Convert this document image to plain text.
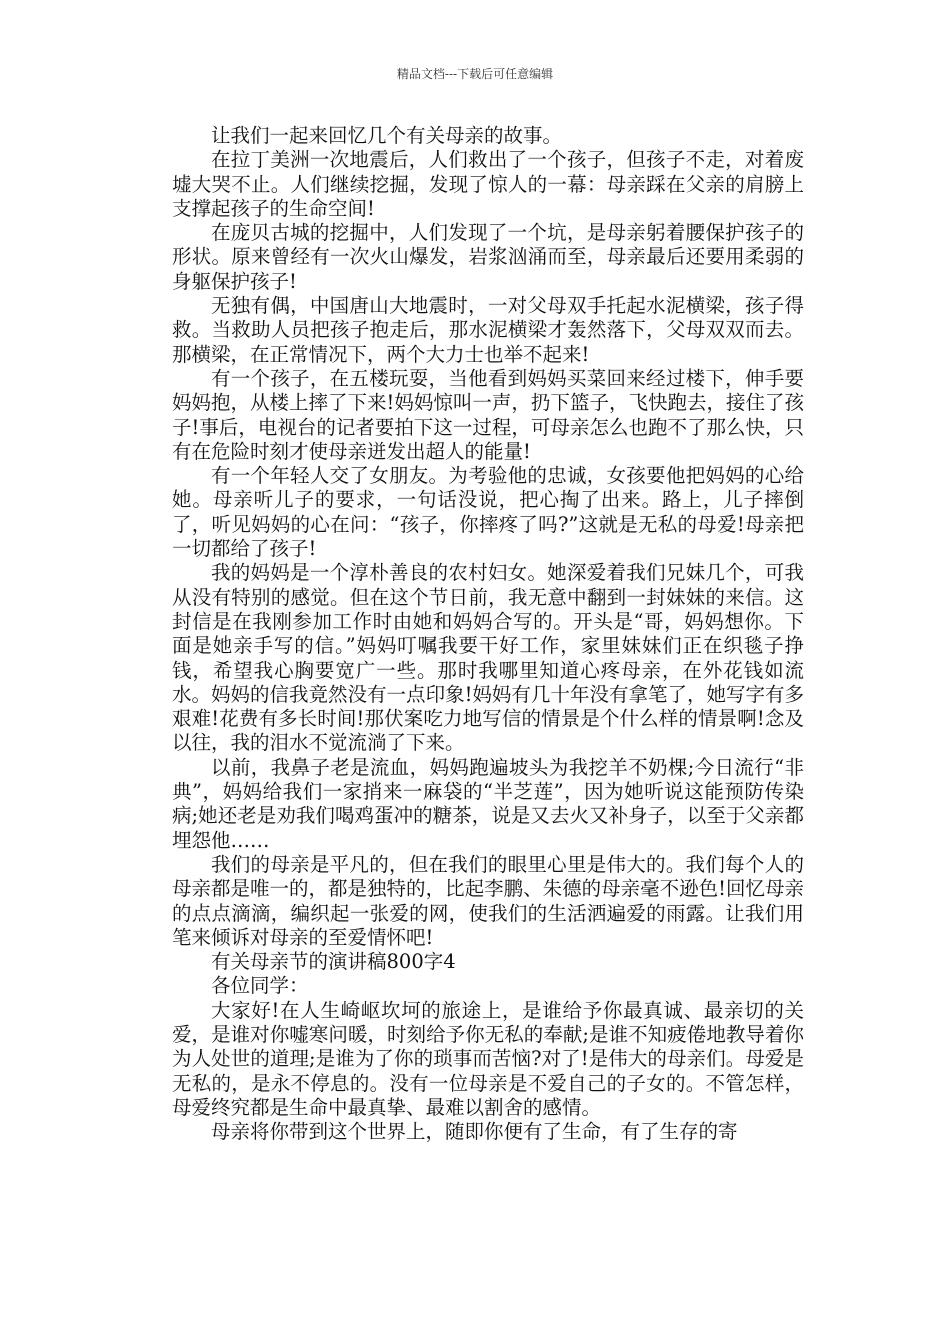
精品文档---下载后可任意编辑

让我们一起来回忆几个有关母亲的故事。

在拉丁美洲一次地震后，人们救出了一个孩子，但孩子不走，对着废墟大哭不止。人们继续挖掘，发现了惊人的一幕：母亲踩在父亲的肩膀上支撑起孩子的生命空间!

在庞贝古城的挖掘中，人们发现了一个坑，是母亲躬着腰保护孩子的形状。原来曾经有一次火山爆发，岩浆汹涌而至，母亲最后还要用柔弱的身躯保护孩子!

无独有偶，中国唐山大地震时，一对父母双手托起水泥横梁，孩子得救。当救助人员把孩子抱走后，那水泥横梁才轰然落下，父母双双而去。那横梁，在正常情况下，两个大力士也举不起来!

有一个孩子，在五楼玩耍，当他看到妈妈买菜回来经过楼下，伸手要妈妈抱，从楼上摔了下来!妈妈惊叫一声，扔下篮子，飞快跑去，接住了孩子!事后，电视台的记者要拍下这一过程，可母亲怎么也跑不了那么快，只有在危险时刻才使母亲迸发出超人的能量!

有一个年轻人交了女朋友。为考验他的忠诚，女孩要他把妈妈的心给她。母亲听儿子的要求，一句话没说，把心掏了出来。路上，儿子摔倒了，听见妈妈的心在问：“孩子，你摔疼了吗?”这就是无私的母爱!母亲把一切都给了孩子!

我的妈妈是一个淳朴善良的农村妇女。她深爱着我们兄妹几个，可我从没有特别的感觉。但在这个节日前，我无意中翻到一封妹妹的来信。这封信是在我刚参加工作时由她和妈妈合写的。开头是“哥，妈妈想你。下面是她亲手写的信。”妈妈叮嘱我要干好工作，家里妹妹们正在织毯子挣钱，希望我心胸要宽广一些。那时我哪里知道心疼母亲，在外花钱如流水。妈妈的信我竟然没有一点印象!妈妈有几十年没有拿笔了，她写字有多艰难!花费有多长时间!那伏案吃力地写信的情景是个什么样的情景啊!念及以往，我的泪水不觉流淌了下来。

以前，我鼻子老是流血，妈妈跑遍坡头为我挖羊不奶棵;今日流行“非典”，妈妈给我们一家捎来一麻袋的“半芝莲”，因为她听说这能预防传染病;她还老是劝我们喝鸡蛋冲的糖茶，说是又去火又补身子，以至于父亲都埋怨他……

我们的母亲是平凡的，但在我们的眼里心里是伟大的。我们每个人的母亲都是唯一的，都是独特的，比起李鹏、朱德的母亲毫不逊色!回忆母亲的点点滴滴，编织起一张爱的网，使我们的生活洒遍爱的雨露。让我们用笔来倾诉对母亲的至爱情怀吧!

有关母亲节的演讲稿800字4

各位同学：

大家好!在人生崎岖坎坷的旅途上，是谁给予你最真诚、最亲切的关爱，是谁对你嘘寒问暖，时刻给予你无私的奉献;是谁不知疲倦地教导着你为人处世的道理;是谁为了你的琐事而苦恼?对了!是伟大的母亲们。母爱是无私的，是永不停息的。没有一位母亲是不爱自己的子女的。不管怎样，母爱终究都是生命中最真挚、最难以割舍的感情。

母亲将你带到这个世界上，随即你便有了生命，有了生存的寄
